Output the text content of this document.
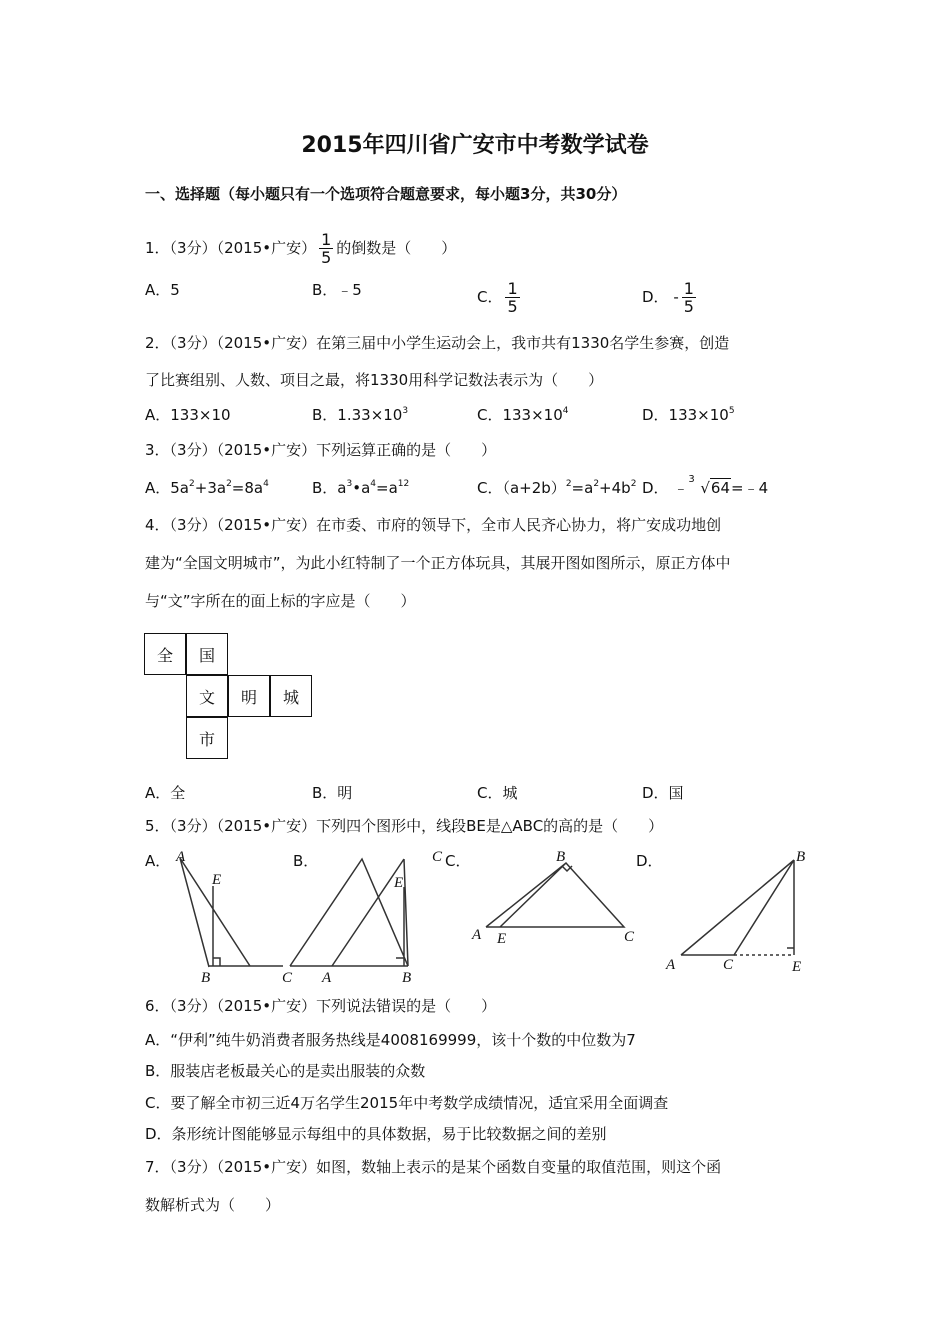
2015年四川省广安市中考数学试卷
一、选择题（每小题只有一个选项符合题意要求，每小题3分，共30分）
1．（3分）（2015•广安） $\frac{1}{5}$ 的倒数是（　　）
A．5	B．﹣5	C． $\frac{1}{5}$	D． - $\frac{1}{5}$
2．（3分）（2015•广安）在第三届中小学生运动会上，我市共有1330名学生参赛，创造
了比赛组别、人数、项目之最，将1330用科学记数法表示为（　　）
A．133×10	B．$1.33\times 10^3$	C．$133\times 10^4$	D．$133\times 10^5$
3．（3分）（2015•广安）下列运算正确的是（　　）
A．$5a^2+3a^2=8a^4$	B．$a^3•a^4=a^{12}$	C．$(a+2b)^2=a^2+4b^2$ D． ﹣ 3 √64=﹣4
4．（3分）（2015•广安）在市委、市府的领导下，全市人民齐心协力，将广安成功地创
建为“全国文明城市”，为此小红特制了一个正方体玩具，其展开图如图所示，原正方体中
与“文”字所在的面上标的字应是（　　）
全	国
文	明	城
市
A．全	B．明	C．城	D．国
5．（3分）（2015•广安）下列四个图形中，线段BE是△ABC的高的是（　　）
A．	B．	C．	D．
A
E
B	C A	B
E
C	B
A E	C
B
A	C	E
6．（3分）（2015•广安）下列说法错误的是（　　）
A．“伊利”纯牛奶消费者服务热线是4008169999，该十个数的中位数为7
B．服装店老板最关心的是卖出服装的众数
C．要了解全市初三近4万名学生2015年中考数学成绩情况，适宜采用全面调查
D．条形统计图能够显示每组中的具体数据，易于比较数据之间的差别
7．（3分）（2015•广安）如图，数轴上表示的是某个函数自变量的取值范围，则这个函
数解析式为（　　）
